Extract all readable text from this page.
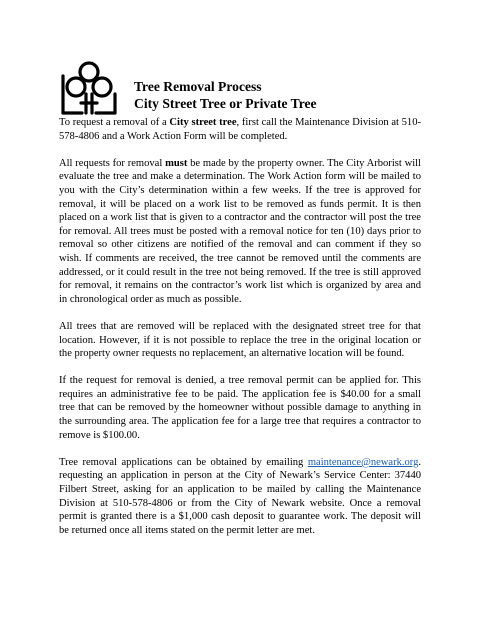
Tree Removal Process

City Street Tree or Private Tree

To request a removal of a City street tree, first call the Maintenance Division at 510-578-4806 and a Work Action Form will be completed.

All requests for removal must be made by the property owner. The City Arborist will evaluate the tree and make a determination. The Work Action form will be mailed to you with the City’s determination within a few weeks. If the tree is approved for removal, it will be placed on a work list to be removed as funds permit. It is then placed on a work list that is given to a contractor and the contractor will post the tree for removal. All trees must be posted with a removal notice for ten (10) days prior to removal so other citizens are notified of the removal and can comment if they so wish. If comments are received, the tree cannot be removed until the comments are addressed, or it could result in the tree not being removed. If the tree is still approved for removal, it remains on the contractor’s work list which is organized by area and in chronological order as much as possible.

All trees that are removed will be replaced with the designated street tree for that location. However, if it is not possible to replace the tree in the original location or the property owner requests no replacement, an alternative location will be found.

If the request for removal is denied, a tree removal permit can be applied for. This requires an administrative fee to be paid. The application fee is $40.00 for a small tree that can be removed by the homeowner without possible damage to anything in the surrounding area. The application fee for a large tree that requires a contractor to remove is $100.00.

Tree removal applications can be obtained by emailing maintenance@newark.org. requesting an application in person at the City of Newark’s Service Center: 37440 Filbert Street, asking for an application to be mailed by calling the Maintenance Division at 510-578-4806 or from the City of Newark website. Once a removal permit is granted there is a $1,000 cash deposit to guarantee work. The deposit will be returned once all items stated on the permit letter are met.
